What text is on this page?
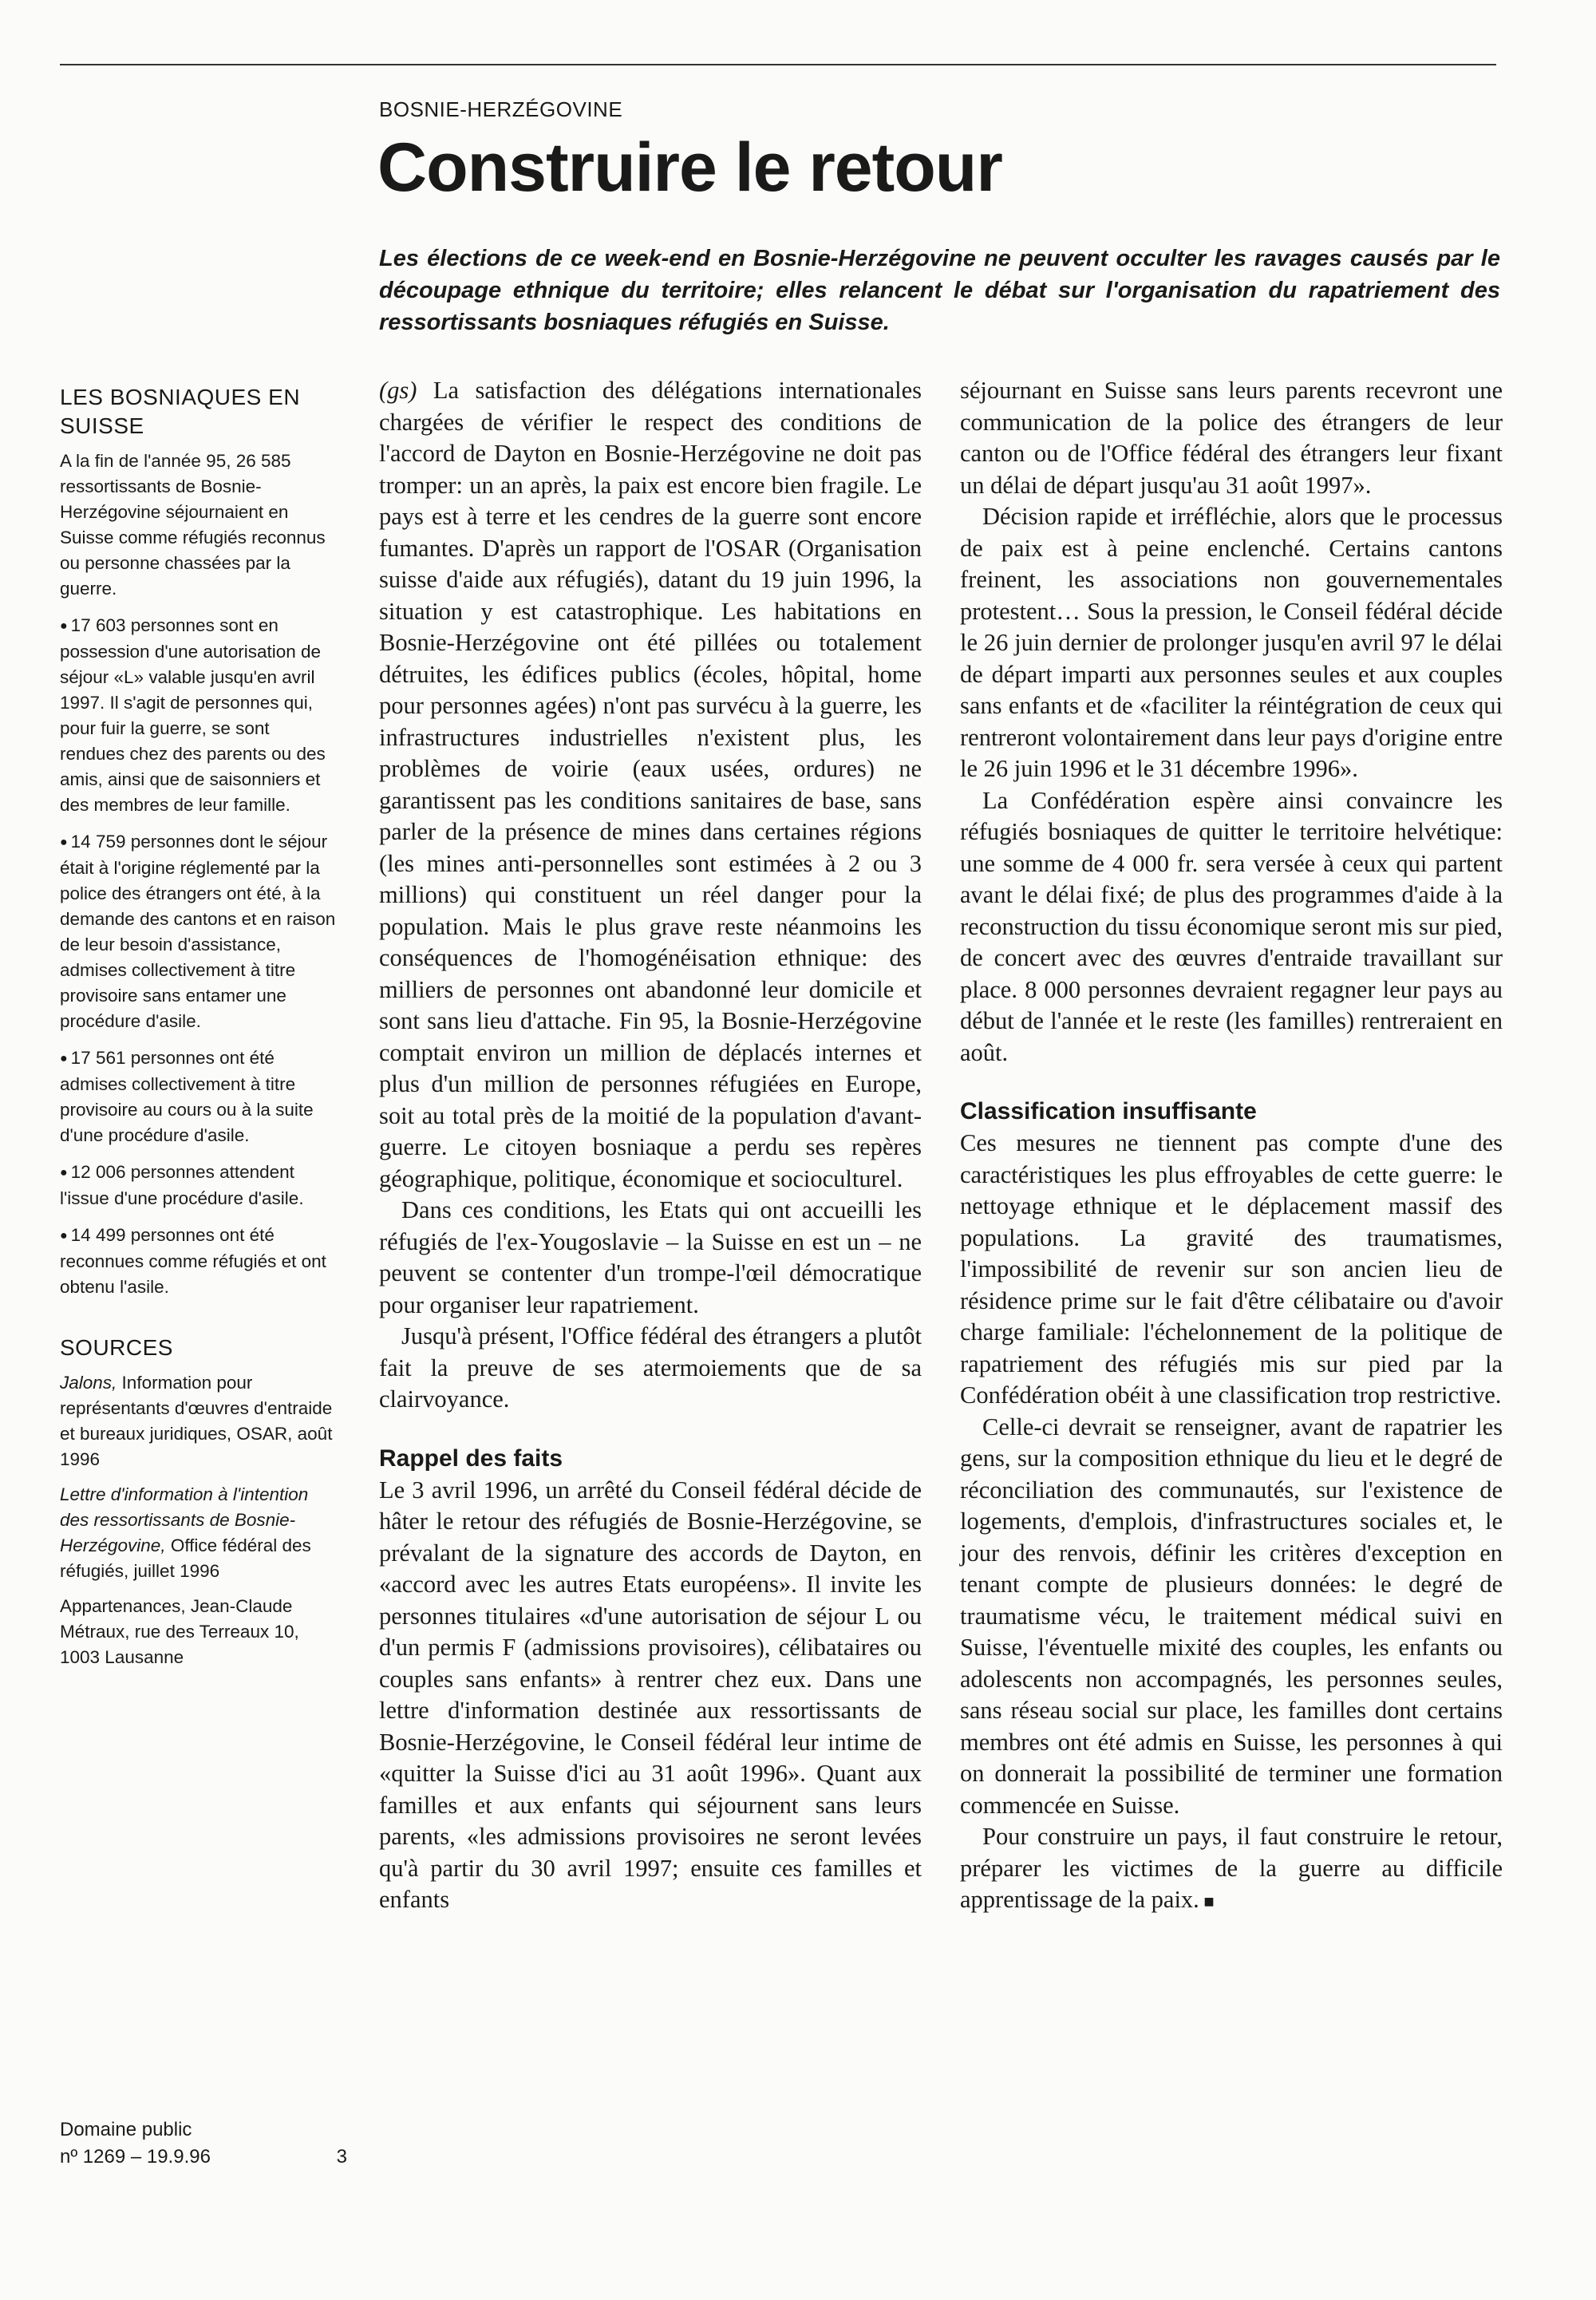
BOSNIE-HERZÉGOVINE

Construire le retour

Les élections de ce week-end en Bosnie-Herzégovine ne peuvent occulter les ravages causés par le découpage ethnique du territoire; elles relancent le débat sur l'organisation du rapatriement des ressortissants bosniaques réfugiés en Suisse.

LES BOSNIAQUES EN SUISSE

A la fin de l'année 95, 26 585 ressortissants de Bosnie-Herzégovine séjournaient en Suisse comme réfugiés reconnus ou personne chassées par la guerre.

● 17 603 personnes sont en possession d'une autorisation de séjour «L» valable jusqu'en avril 1997. Il s'agit de personnes qui, pour fuir la guerre, se sont rendues chez des parents ou des amis, ainsi que de saisonniers et des membres de leur famille.

● 14 759 personnes dont le séjour était à l'origine réglementé par la police des étrangers ont été, à la demande des cantons et en raison de leur besoin d'assistance, admises collectivement à titre provisoire sans entamer une procédure d'asile.

● 17 561 personnes ont été admises collectivement à titre provisoire au cours ou à la suite d'une procédure d'asile.

● 12 006 personnes attendent l'issue d'une procédure d'asile.

● 14 499 personnes ont été reconnues comme réfugiés et ont obtenu l'asile.

SOURCES

Jalons, Information pour représentants d'œuvres d'entraide et bureaux juridiques, OSAR, août 1996

Lettre d'information à l'intention des ressortissants de Bosnie-Herzégovine, Office fédéral des réfugiés, juillet 1996

Appartenances, Jean-Claude Métraux, rue des Terreaux 10, 1003 Lausanne

Domaine public
nº 1269 – 19.9.96	3

(gs) La satisfaction des délégations internationales chargées de vérifier le respect des conditions de l'accord de Dayton en Bosnie-Herzégovine ne doit pas tromper: un an après, la paix est encore bien fragile. Le pays est à terre et les cendres de la guerre sont encore fumantes. D'après un rapport de l'OSAR (Organisation suisse d'aide aux réfugiés), datant du 19 juin 1996, la situation y est catastrophique. Les habitations en Bosnie-Herzégovine ont été pillées ou totalement détruites, les édifices publics (écoles, hôpital, home pour personnes agées) n'ont pas survécu à la guerre, les infrastructures industrielles n'existent plus, les problèmes de voirie (eaux usées, ordures) ne garantissent pas les conditions sanitaires de base, sans parler de la présence de mines dans certaines régions (les mines anti-personnelles sont estimées à 2 ou 3 millions) qui constituent un réel danger pour la population. Mais le plus grave reste néanmoins les conséquences de l'homogénéisation ethnique: des milliers de personnes ont abandonné leur domicile et sont sans lieu d'attache. Fin 95, la Bosnie-Herzégovine comptait environ un million de déplacés internes et plus d'un million de personnes réfugiées en Europe, soit au total près de la moitié de la population d'avant-guerre. Le citoyen bosniaque a perdu ses repères géographique, politique, économique et socioculturel.

Dans ces conditions, les Etats qui ont accueilli les réfugiés de l'ex-Yougoslavie – la Suisse en est un – ne peuvent se contenter d'un trompe-l'œil démocratique pour organiser leur rapatriement.

Jusqu'à présent, l'Office fédéral des étrangers a plutôt fait la preuve de ses atermoiements que de sa clairvoyance.

Rappel des faits

Le 3 avril 1996, un arrêté du Conseil fédéral décide de hâter le retour des réfugiés de Bosnie-Herzégovine, se prévalant de la signature des accords de Dayton, en «accord avec les autres Etats européens». Il invite les personnes titulaires «d'une autorisation de séjour L ou d'un permis F (admissions provisoires), célibataires ou couples sans enfants» à rentrer chez eux. Dans une lettre d'information destinée aux ressortissants de Bosnie-Herzégovine, le Conseil fédéral leur intime de «quitter la Suisse d'ici au 31 août 1996». Quant aux familles et aux enfants qui séjournent sans leurs parents, «les admissions provisoires ne seront levées qu'à partir du 30 avril 1997; ensuite ces familles et enfants

séjournant en Suisse sans leurs parents recevront une communication de la police des étrangers de leur canton ou de l'Office fédéral des étrangers leur fixant un délai de départ jusqu'au 31 août 1997».

Décision rapide et irréfléchie, alors que le processus de paix est à peine enclenché. Certains cantons freinent, les associations non gouvernementales protestent… Sous la pression, le Conseil fédéral décide le 26 juin dernier de prolonger jusqu'en avril 97 le délai de départ imparti aux personnes seules et aux couples sans enfants et de «faciliter la réintégration de ceux qui rentreront volontairement dans leur pays d'origine entre le 26 juin 1996 et le 31 décembre 1996».

La Confédération espère ainsi convaincre les réfugiés bosniaques de quitter le territoire helvétique: une somme de 4 000 fr. sera versée à ceux qui partent avant le délai fixé; de plus des programmes d'aide à la reconstruction du tissu économique seront mis sur pied, de concert avec des œuvres d'entraide travaillant sur place. 8 000 personnes devraient regagner leur pays au début de l'année et le reste (les familles) rentreraient en août.

Classification insuffisante

Ces mesures ne tiennent pas compte d'une des caractéristiques les plus effroyables de cette guerre: le nettoyage ethnique et le déplacement massif des populations. La gravité des traumatismes, l'impossibilité de revenir sur son ancien lieu de résidence prime sur le fait d'être célibataire ou d'avoir charge familiale: l'échelonnement de la politique de rapatriement des réfugiés mis sur pied par la Confédération obéit à une classification trop restrictive.

Celle-ci devrait se renseigner, avant de rapatrier les gens, sur la composition ethnique du lieu et le degré de réconciliation des communautés, sur l'existence de logements, d'emplois, d'infrastructures sociales et, le jour des renvois, définir les critères d'exception en tenant compte de plusieurs données: le degré de traumatisme vécu, le traitement médical suivi en Suisse, l'éventuelle mixité des couples, les enfants ou adolescents non accompagnés, les personnes seules, sans réseau social sur place, les familles dont certains membres ont été admis en Suisse, les personnes à qui on donnerait la possibilité de terminer une formation commencée en Suisse.

Pour construire un pays, il faut construire le retour, préparer les victimes de la guerre au difficile apprentissage de la paix. ■
